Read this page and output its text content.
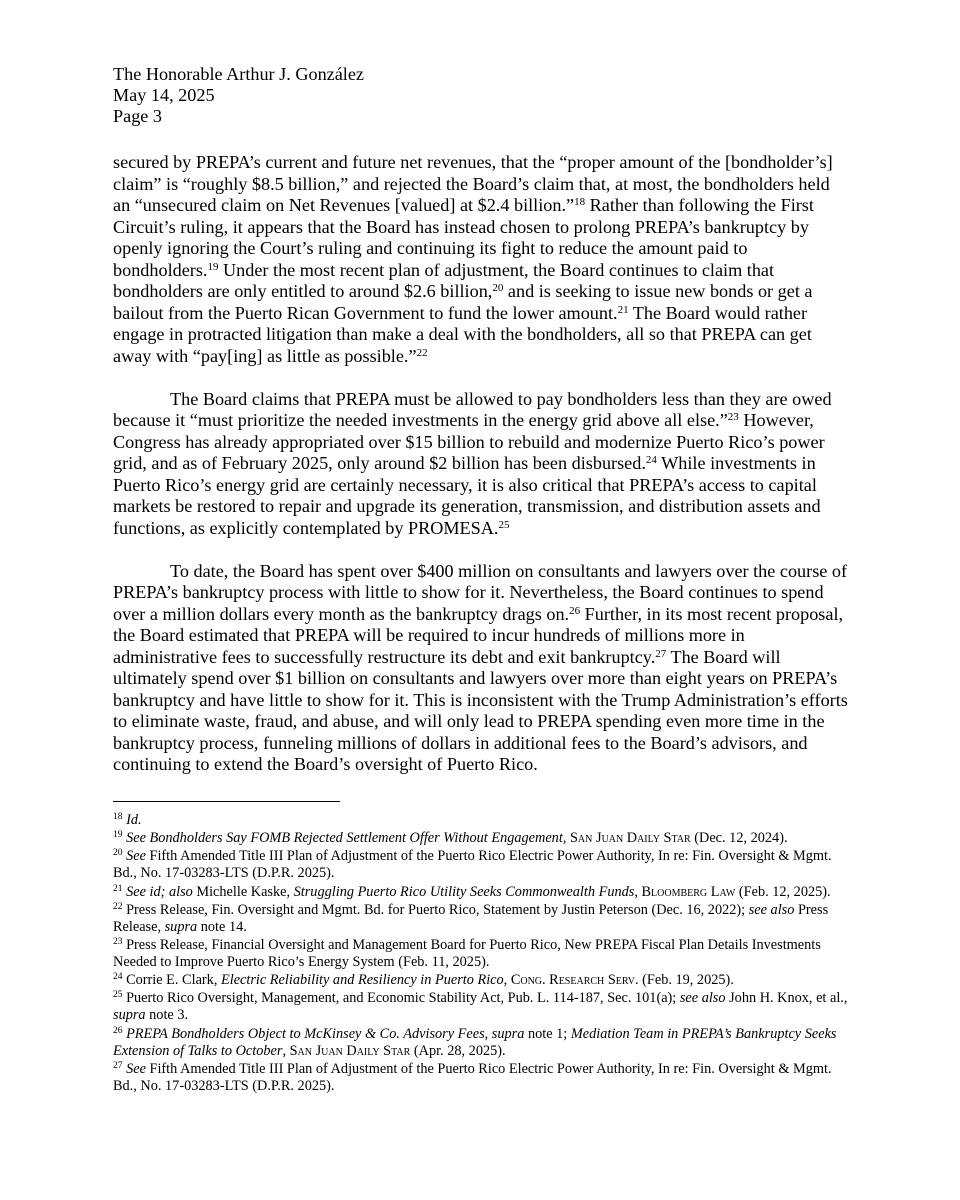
The Honorable Arthur J. González
May 14, 2025
Page 3

secured by PREPA’s current and future net revenues, that the “proper amount of the [bondholder’s] claim” is “roughly $8.5 billion,” and rejected the Board’s claim that, at most, the bondholders held an “unsecured claim on Net Revenues [valued] at $2.4 billion.”$^{18}$ Rather than following the First Circuit’s ruling, it appears that the Board has instead chosen to prolong PREPA’s bankruptcy by openly ignoring the Court’s ruling and continuing its fight to reduce the amount paid to bondholders.$^{19}$ Under the most recent plan of adjustment, the Board continues to claim that bondholders are only entitled to around $2.6 billion,$^{20}$ and is seeking to issue new bonds or get a bailout from the Puerto Rican Government to fund the lower amount.$^{21}$ The Board would rather engage in protracted litigation than make a deal with the bondholders, all so that PREPA can get away with “pay[ing] as little as possible.”$^{22}$

The Board claims that PREPA must be allowed to pay bondholders less than they are owed because it “must prioritize the needed investments in the energy grid above all else.”$^{23}$ However, Congress has already appropriated over $15 billion to rebuild and modernize Puerto Rico’s power grid, and as of February 2025, only around $2 billion has been disbursed.$^{24}$ While investments in Puerto Rico’s energy grid are certainly necessary, it is also critical that PREPA’s access to capital markets be restored to repair and upgrade its generation, transmission, and distribution assets and functions, as explicitly contemplated by PROMESA.$^{25}$

To date, the Board has spent over $400 million on consultants and lawyers over the course of PREPA’s bankruptcy process with little to show for it. Nevertheless, the Board continues to spend over a million dollars every month as the bankruptcy drags on.$^{26}$ Further, in its most recent proposal, the Board estimated that PREPA will be required to incur hundreds of millions more in administrative fees to successfully restructure its debt and exit bankruptcy.$^{27}$ The Board will ultimately spend over $1 billion on consultants and lawyers over more than eight years on PREPA’s bankruptcy and have little to show for it. This is inconsistent with the Trump Administration’s efforts to eliminate waste, fraud, and abuse, and will only lead to PREPA spending even more time in the bankruptcy process, funneling millions of dollars in additional fees to the Board’s advisors, and continuing to extend the Board’s oversight of Puerto Rico.

$^{18}$ Id.
$^{19}$ See Bondholders Say FOMB Rejected Settlement Offer Without Engagement, San Juan Daily Star (Dec. 12, 2024).
$^{20}$ See Fifth Amended Title III Plan of Adjustment of the Puerto Rico Electric Power Authority, In re: Fin. Oversight & Mgmt. Bd., No. 17-03283-LTS (D.P.R. 2025).
$^{21}$ See id; also Michelle Kaske, Struggling Puerto Rico Utility Seeks Commonwealth Funds, Bloomberg Law (Feb. 12, 2025).
$^{22}$ Press Release, Fin. Oversight and Mgmt. Bd. for Puerto Rico, Statement by Justin Peterson (Dec. 16, 2022); see also Press Release, supra note 14.
$^{23}$ Press Release, Financial Oversight and Management Board for Puerto Rico, New PREPA Fiscal Plan Details Investments Needed to Improve Puerto Rico’s Energy System (Feb. 11, 2025).
$^{24}$ Corrie E. Clark, Electric Reliability and Resiliency in Puerto Rico, Cong. Research Serv. (Feb. 19, 2025).
$^{25}$ Puerto Rico Oversight, Management, and Economic Stability Act, Pub. L. 114-187, Sec. 101(a); see also John H. Knox, et al., supra note 3.
$^{26}$ PREPA Bondholders Object to McKinsey & Co. Advisory Fees, supra note 1; Mediation Team in PREPA’s Bankruptcy Seeks Extension of Talks to October, San Juan Daily Star (Apr. 28, 2025).
$^{27}$ See Fifth Amended Title III Plan of Adjustment of the Puerto Rico Electric Power Authority, In re: Fin. Oversight & Mgmt. Bd., No. 17-03283-LTS (D.P.R. 2025).
